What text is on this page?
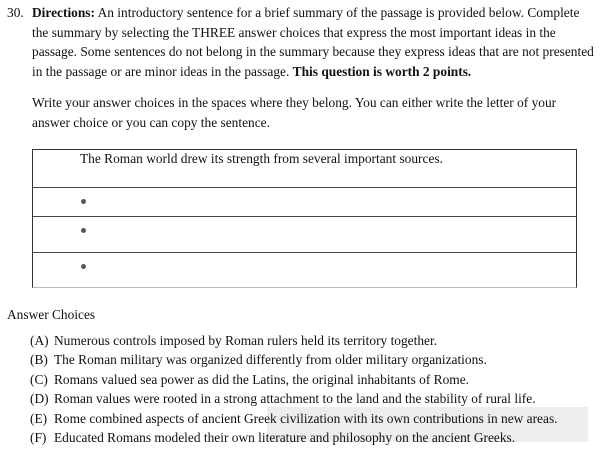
30. Directions: An introductory sentence for a brief summary of the passage is provided below. Complete the summary by selecting the THREE answer choices that express the most important ideas in the passage. Some sentences do not belong in the summary because they express ideas that are not presented in the passage or are minor ideas in the passage. This question is worth 2 points.
Write your answer choices in the spaces where they belong. You can either write the letter of your answer choice or you can copy the sentence.
The Roman world drew its strength from several important sources.
Answer Choices
(A) Numerous controls imposed by Roman rulers held its territory together.
(B) The Roman military was organized differently from older military organizations.
(C) Romans valued sea power as did the Latins, the original inhabitants of Rome.
(D) Roman values were rooted in a strong attachment to the land and the stability of rural life.
(E) Rome combined aspects of ancient Greek civilization with its own contributions in new areas.
(F) Educated Romans modeled their own literature and philosophy on the ancient Greeks.
